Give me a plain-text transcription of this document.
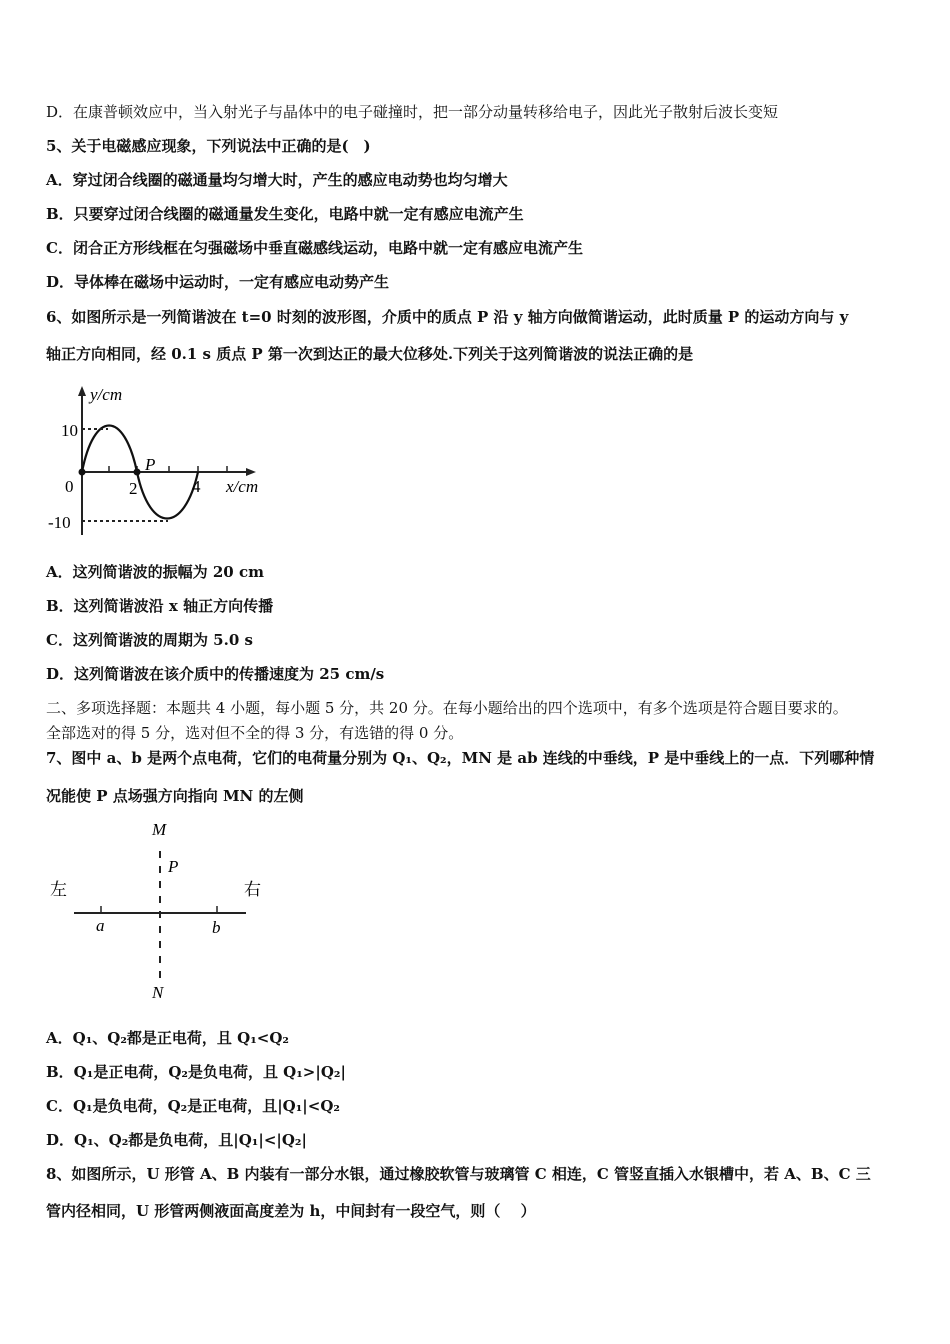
D．在康普顿效应中，当入射光子与晶体中的电子碰撞时，把一部分动量转移给电子，因此光子散射后波长变短
5、关于电磁感应现象，下列说法中正确的是(　)
A．穿过闭合线圈的磁通量均匀增大时，产生的感应电动势也均匀增大
B．只要穿过闭合线圈的磁通量发生变化，电路中就一定有感应电流产生
C．闭合正方形线框在匀强磁场中垂直磁感线运动，电路中就一定有感应电流产生
D．导体棒在磁场中运动时，一定有感应电动势产生
6、如图所示是一列简谐波在 t=0 时刻的波形图，介质中的质点 P 沿 y 轴方向做简谐运动，此时质量 P 的运动方向与 y
轴正方向相同，经 0.1 s 质点 P 第一次到达正的最大位移处.下列关于这列简谐波的说法正确的是
y/cm
x/cm
0
10
-10
2	4
P
A．这列简谐波的振幅为 20 cm
B．这列简谐波沿 x 轴正方向传播
C．这列简谐波的周期为 5.0 s
D．这列简谐波在该介质中的传播速度为 25 cm/s
二、多项选择题：本题共 4 小题，每小题 5 分，共 20 分。在每小题给出的四个选项中，有多个选项是符合题目要求的。
全部选对的得 5 分，选对但不全的得 3 分，有选错的得 0 分。
7、图中 a、b 是两个点电荷，它们的电荷量分别为 Q₁、Q₂，MN 是 ab 连线的中垂线，P 是中垂线上的一点．下列哪种情
况能使 P 点场强方向指向 MN 的左侧
M
N
P
左	右
a	b
A．Q₁、Q₂都是正电荷，且 Q₁<Q₂
B．Q₁是正电荷，Q₂是负电荷，且 Q₁>|Q₂|
C．Q₁是负电荷，Q₂是正电荷，且|Q₁|<Q₂
D．Q₁、Q₂都是负电荷，且|Q₁|<|Q₂|
8、如图所示，U 形管 A、B 内装有一部分水银，通过橡胶软管与玻璃管 C 相连，C 管竖直插入水银槽中，若 A、B、C 三
管内径相同，U 形管两侧液面高度差为 h，中间封有一段空气，则（　 ）
